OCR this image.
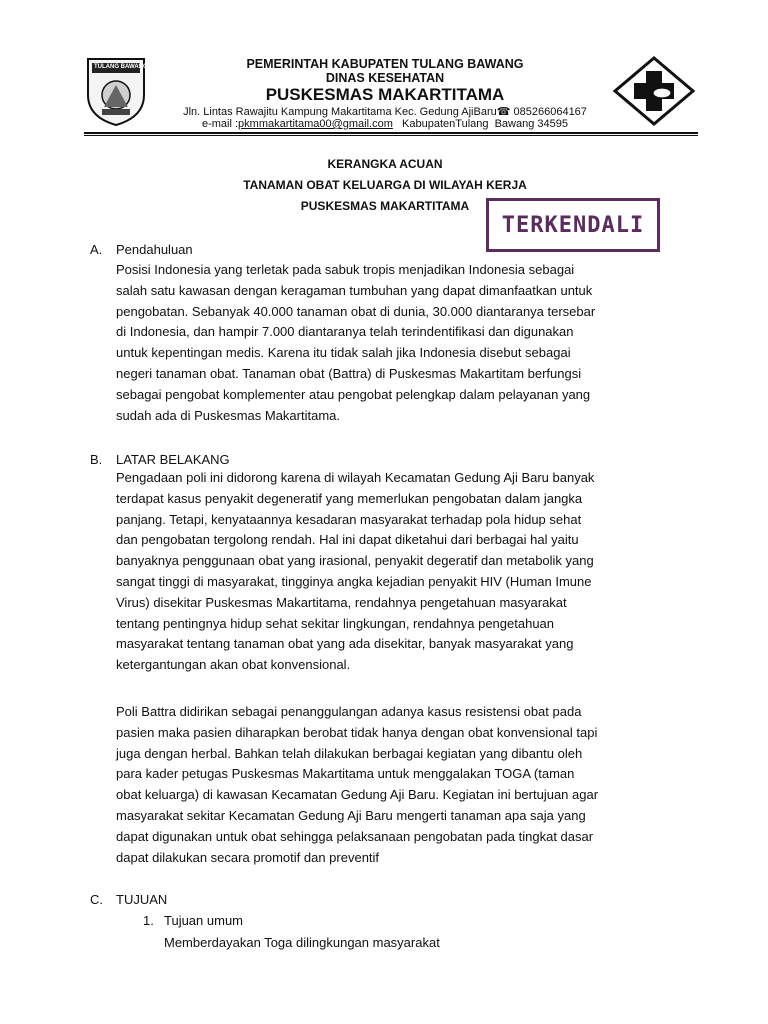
TULANG BAWANG	PEMERINTAH KABUPATEN TULANG BAWANG
DINAS KESEHATAN
PUSKESMAS MAKARTITAMA
Jln. Lintas Rawajitu Kampung Makartitama Kec. Gedung AjiBaru☎ 085266064167
e-mail :pkmmakartitama00@gmail.com   KabupatenTulang  Bawang 34595
KERANGKA ACUAN
TANAMAN OBAT KELUARGA DI WILAYAH KERJA
PUSKESMAS MAKARTITAMA
TERKENDALI
A. Pendahuluan
Posisi Indonesia yang terletak pada sabuk tropis menjadikan Indonesia sebagai
salah satu kawasan dengan keragaman tumbuhan yang dapat dimanfaatkan untuk
pengobatan. Sebanyak 40.000 tanaman obat di dunia, 30.000 diantaranya tersebar
di Indonesia, dan hampir 7.000 diantaranya telah terindentifikasi dan digunakan
untuk kepentingan medis. Karena itu tidak salah jika Indonesia disebut sebagai
negeri tanaman obat. Tanaman obat (Battra) di Puskesmas Makartitam berfungsi
sebagai pengobat komplementer atau pengobat pelengkap dalam pelayanan yang
sudah ada di Puskesmas Makartitama.
B. LATAR BELAKANG
Pengadaan poli ini didorong karena di wilayah Kecamatan Gedung Aji Baru banyak
terdapat kasus penyakit degeneratif yang memerlukan pengobatan dalam jangka
panjang. Tetapi, kenyataannya kesadaran masyarakat terhadap pola hidup sehat
dan pengobatan tergolong rendah. Hal ini dapat diketahui dari berbagai hal yaitu
banyaknya penggunaan obat yang irasional, penyakit degeratif dan metabolik yang
sangat tinggi di masyarakat, tingginya angka kejadian penyakit HIV (Human Imune
Virus) disekitar Puskesmas Makartitama, rendahnya pengetahuan masyarakat
tentang pentingnya hidup sehat sekitar lingkungan, rendahnya pengetahuan
masyarakat tentang tanaman obat yang ada disekitar, banyak masyarakat yang
ketergantungan akan obat konvensional.
Poli Battra didirikan sebagai penanggulangan adanya kasus resistensi obat pada
pasien maka pasien diharapkan berobat tidak hanya dengan obat konvensional tapi
juga dengan herbal. Bahkan telah dilakukan berbagai kegiatan yang dibantu oleh
para kader petugas Puskesmas Makartitama untuk menggalakan TOGA (taman
obat keluarga) di kawasan Kecamatan Gedung Aji Baru. Kegiatan ini bertujuan agar
masyarakat sekitar Kecamatan Gedung Aji Baru mengerti tanaman apa saja yang
dapat digunakan untuk obat sehingga pelaksanaan pengobatan pada tingkat dasar
dapat dilakukan secara promotif dan preventif
C. TUJUAN
1. Tujuan umum
Memberdayakan Toga dilingkungan masyarakat
